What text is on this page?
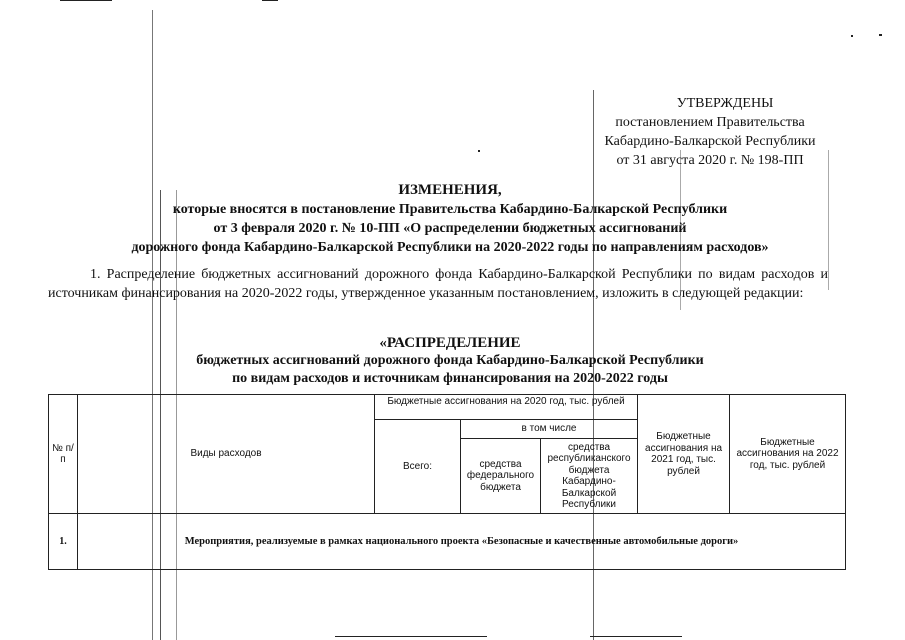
УТВЕРЖДЕНЫ
постановлением Правительства
Кабардино-Балкарской Республики
от 31 августа 2020 г. № 198-ПП
ИЗМЕНЕНИЯ,
которые вносятся в постановление Правительства Кабардино-Балкарской Республики
от 3 февраля 2020 г. № 10-ПП «О распределении бюджетных ассигнований
дорожного фонда Кабардино-Балкарской Республики на 2020-2022 годы по направлениям расходов»
1. Распределение бюджетных ассигнований дорожного фонда Кабардино-Балкарской Республики по видам расходов и источникам финансирования на 2020-2022 годы, утвержденное указанным постановлением, изложить в следующей редакции:
«РАСПРЕДЕЛЕНИЕ
бюджетных ассигнований дорожного фонда Кабардино-Балкарской Республики
по видам расходов и источникам финансирования на 2020-2022 годы
№ п/п	Виды расходов	Бюджетные ассигнования на 2020 год, тыс. рублей			Бюджетные ассигнования на 2021 год, тыс. рублей	Бюджетные ассигнования на 2022 год, тыс. рублей
		Всего:	в том числе			
			средства федерального бюджета	средства республиканского бюджета Кабардино-Балкарской Республики		
1.	Мероприятия, реализуемые в рамках национального проекта «Безопасные и качественные автомобильные дороги»					
